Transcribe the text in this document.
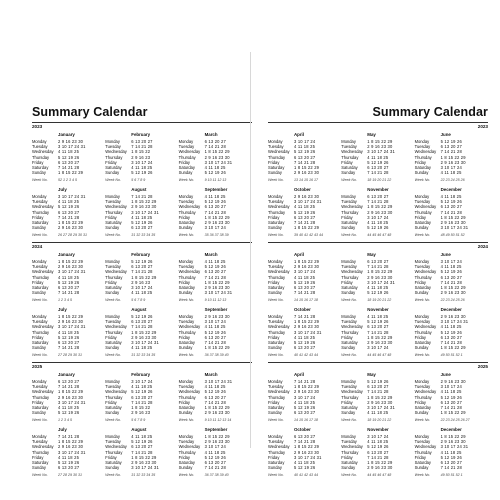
Summary Calendar
2023
January
Monday	2 9 16 23 30
Tuesday	3 10 17 24 31
Wednesday	4 11 18 25
Thursday	5 12 19 26
Friday	6 13 20 27
Saturday	7 14 21 28
Sunday	1 8 15 22 29
Week No.	52 1 2 3 4 5
February
Monday	6 13 20 27
Tuesday	7 14 21 28
Wednesday	1 8 15 22
Thursday	2 9 16 23
Friday	3 10 17 24
Saturday	4 11 18 25
Sunday	5 12 19 26
Week No.	5 6 7 8 9
March
Monday	6 13 20 27
Tuesday	7 14 21 28
Wednesday	1 8 15 22 29
Thursday	2 9 16 23 30
Friday	3 10 17 24 31
Saturday	4 11 18 25
Sunday	5 12 19 26
Week No.	9 10 11 12 13
July
Monday	3 10 17 24 31
Tuesday	4 11 18 25
Wednesday	5 12 19 26
Thursday	6 13 20 27
Friday	7 14 21 28
Saturday	1 8 15 22 29
Sunday	2 9 16 23 30
Week No.	26 27 28 29 30 31
August
Monday	7 14 21 28
Tuesday	1 8 15 22 29
Wednesday	2 9 16 23 30
Thursday	3 10 17 24 31
Friday	4 11 18 25
Saturday	5 12 19 26
Sunday	6 13 20 27
Week No.	31 32 33 34 35
September
Monday	4 11 18 25
Tuesday	5 12 19 26
Wednesday	6 13 20 27
Thursday	7 14 21 28
Friday	1 8 15 22 29
Saturday	2 9 16 23 30
Sunday	3 10 17 24
Week No.	35 36 37 38 39
2024
January
Monday	1 8 15 22 29
Tuesday	2 9 16 23 30
Wednesday	3 10 17 24 31
Thursday	4 11 18 25
Friday	5 12 19 26
Saturday	6 13 20 27
Sunday	7 14 21 28
Week No.	1 2 3 4 5
February
Monday	5 12 19 26
Tuesday	6 13 20 27
Wednesday	7 14 21 28
Thursday	1 8 15 22 29
Friday	2 9 16 23
Saturday	3 10 17 24
Sunday	4 11 18 25
Week No.	5 6 7 8 9
March
Monday	4 11 18 25
Tuesday	5 12 19 26
Wednesday	6 13 20 27
Thursday	7 14 21 28
Friday	1 8 15 22 29
Saturday	2 9 16 23 30
Sunday	3 10 17 24 31
Week No.	9 10 11 12 13
July
Monday	1 8 15 22 29
Tuesday	2 9 16 23 30
Wednesday	3 10 17 24 31
Thursday	4 11 18 25
Friday	5 12 19 26
Saturday	6 13 20 27
Sunday	7 14 21 28
Week No.	27 28 29 30 31
August
Monday	5 12 19 26
Tuesday	6 13 20 27
Wednesday	7 14 21 28
Thursday	1 8 15 22 29
Friday	2 9 16 23 30
Saturday	3 10 17 24 31
Sunday	4 11 18 25
Week No.	31 32 33 34 35
September
Monday	2 9 16 23 30
Tuesday	3 10 17 24
Wednesday	4 11 18 25
Thursday	5 12 19 26
Friday	6 13 20 27
Saturday	7 14 21 28
Sunday	1 8 15 22 29
Week No.	36 37 38 39 40
2025
January
Monday	6 13 20 27
Tuesday	7 14 21 28
Wednesday	1 8 15 22 29
Thursday	2 9 16 23 30
Friday	3 10 17 24 31
Saturday	4 11 18 25
Sunday	5 12 19 26
Week No.	1 2 3 4 5
February
Monday	3 10 17 24
Tuesday	4 11 18 25
Wednesday	5 12 19 26
Thursday	6 13 20 27
Friday	7 14 21 28
Saturday	1 8 15 22
Sunday	2 9 16 23
Week No.	5 6 7 8 9
March
Monday	3 10 17 24 31
Tuesday	4 11 18 25
Wednesday	5 12 19 26
Thursday	6 13 20 27
Friday	7 14 21 28
Saturday	1 8 15 22 29
Sunday	2 9 16 23 30
Week No.	9 10 11 12 13 14
July
Monday	7 14 21 28
Tuesday	1 8 15 22 29
Wednesday	2 9 16 23 30
Thursday	3 10 17 24 31
Friday	4 11 18 25
Saturday	5 12 19 26
Sunday	6 13 20 27
Week No.	27 28 29 30 31
August
Monday	4 11 18 25
Tuesday	5 12 19 26
Wednesday	6 13 20 27
Thursday	7 14 21 28
Friday	1 8 15 22 29
Saturday	2 9 16 23 30
Sunday	3 10 17 24 31
Week No.	31 32 33 34 35
September
Monday	1 8 15 22 29
Tuesday	2 9 16 23 30
Wednesday	3 10 17 24
Thursday	4 11 18 25
Friday	5 12 19 26
Saturday	6 13 20 27
Sunday	7 14 21 28
Week No.	36 37 38 39 40
Summary Calendar
2023
April
Monday	3 10 17 24
Tuesday	4 11 18 25
Wednesday	5 12 19 26
Thursday	6 13 20 27
Friday	7 14 21 28
Saturday	1 8 15 22 29
Sunday	2 9 16 23 30
Week No.	13 14 15 16 17
May
Monday	1 8 15 22 29
Tuesday	2 9 16 23 30
Wednesday	3 10 17 24 31
Thursday	4 11 18 25
Friday	5 12 19 26
Saturday	6 13 20 27
Sunday	7 14 21 28
Week No.	18 19 20 21 22
June
Monday	5 12 19 26
Tuesday	6 13 20 27
Wednesday	7 14 21 28
Thursday	1 8 15 22 29
Friday	2 9 16 23 30
Saturday	3 10 17 24
Sunday	4 11 18 25
Week No.	22 23 24 25 26
October
Monday	2 9 16 23 30
Tuesday	3 10 17 24 31
Wednesday	4 11 18 25
Thursday	5 12 19 26
Friday	6 13 20 27
Saturday	7 14 21 28
Sunday	1 8 15 22 29
Week No.	39 40 41 42 43 44
November
Monday	6 13 20 27
Tuesday	7 14 21 28
Wednesday	1 8 15 22 29
Thursday	2 9 16 23 30
Friday	3 10 17 24
Saturday	4 11 18 25
Sunday	5 12 19 26
Week No.	44 45 46 47 48
December
Monday	4 11 18 25
Tuesday	5 12 19 26
Wednesday	6 13 20 27
Thursday	7 14 21 28
Friday	1 8 15 22 29
Saturday	2 9 16 23 30
Sunday	3 10 17 24 31
Week No.	48 49 50 51 52
2024
April
Monday	1 8 15 22 29
Tuesday	2 9 16 23 30
Wednesday	3 10 17 24
Thursday	4 11 18 25
Friday	5 12 19 26
Saturday	6 13 20 27
Sunday	7 14 21 28
Week No.	14 15 16 17 18
May
Monday	6 13 20 27
Tuesday	7 14 21 28
Wednesday	1 8 15 22 29
Thursday	2 9 16 23 30
Friday	3 10 17 24 31
Saturday	4 11 18 25
Sunday	5 12 19 26
Week No.	18 19 20 21 22
June
Monday	3 10 17 24
Tuesday	4 11 18 25
Wednesday	5 12 19 26
Thursday	6 13 20 27
Friday	7 14 21 28
Saturday	1 8 15 22 29
Sunday	2 9 16 23 30
Week No.	22 23 24 25 26
October
Monday	7 14 21 28
Tuesday	1 8 15 22 29
Wednesday	2 9 16 23 30
Thursday	3 10 17 24 31
Friday	4 11 18 25
Saturday	5 12 19 26
Sunday	6 13 20 27
Week No.	40 41 42 43 44
November
Monday	4 11 18 25
Tuesday	5 12 19 26
Wednesday	6 13 20 27
Thursday	7 14 21 28
Friday	1 8 15 22 29
Saturday	2 9 16 23 30
Sunday	3 10 17 24
Week No.	44 45 46 47 48
December
Monday	2 9 16 23 30
Tuesday	3 10 17 24 31
Wednesday	4 11 18 25
Thursday	5 12 19 26
Friday	6 13 20 27
Saturday	7 14 21 28
Sunday	1 8 15 22 29
Week No.	49 50 51 52 1
2025
April
Monday	7 14 21 28
Tuesday	1 8 15 22 29
Wednesday	2 9 16 23 30
Thursday	3 10 17 24
Friday	4 11 18 25
Saturday	5 12 19 26
Sunday	6 13 20 27
Week No.	14 15 16 17 18
May
Monday	5 12 19 26
Tuesday	6 13 20 27
Wednesday	7 14 21 28
Thursday	1 8 15 22 29
Friday	2 9 16 23 30
Saturday	3 10 17 24 31
Sunday	4 11 18 25
Week No.	18 19 20 21 22
June
Monday	2 9 16 23 30
Tuesday	3 10 17 24
Wednesday	4 11 18 25
Thursday	5 12 19 26
Friday	6 13 20 27
Saturday	7 14 21 28
Sunday	1 8 15 22 29
Week No.	22 23 24 25 26 27
October
Monday	6 13 20 27
Tuesday	7 14 21 28
Wednesday	1 8 15 22 29
Thursday	2 9 16 23 30
Friday	3 10 17 24 31
Saturday	4 11 18 25
Sunday	5 12 19 26
Week No.	40 41 42 43 44
November
Monday	3 10 17 24
Tuesday	4 11 18 25
Wednesday	5 12 19 26
Thursday	6 13 20 27
Friday	7 14 21 28
Saturday	1 8 15 22 29
Sunday	2 9 16 23 30
Week No.	44 45 46 47 48
December
Monday	1 8 15 22 29
Tuesday	2 9 16 23 30
Wednesday	3 10 17 24 31
Thursday	4 11 18 25
Friday	5 12 19 26
Saturday	6 13 20 27
Sunday	7 14 21 28
Week No.	49 50 51 52 1
